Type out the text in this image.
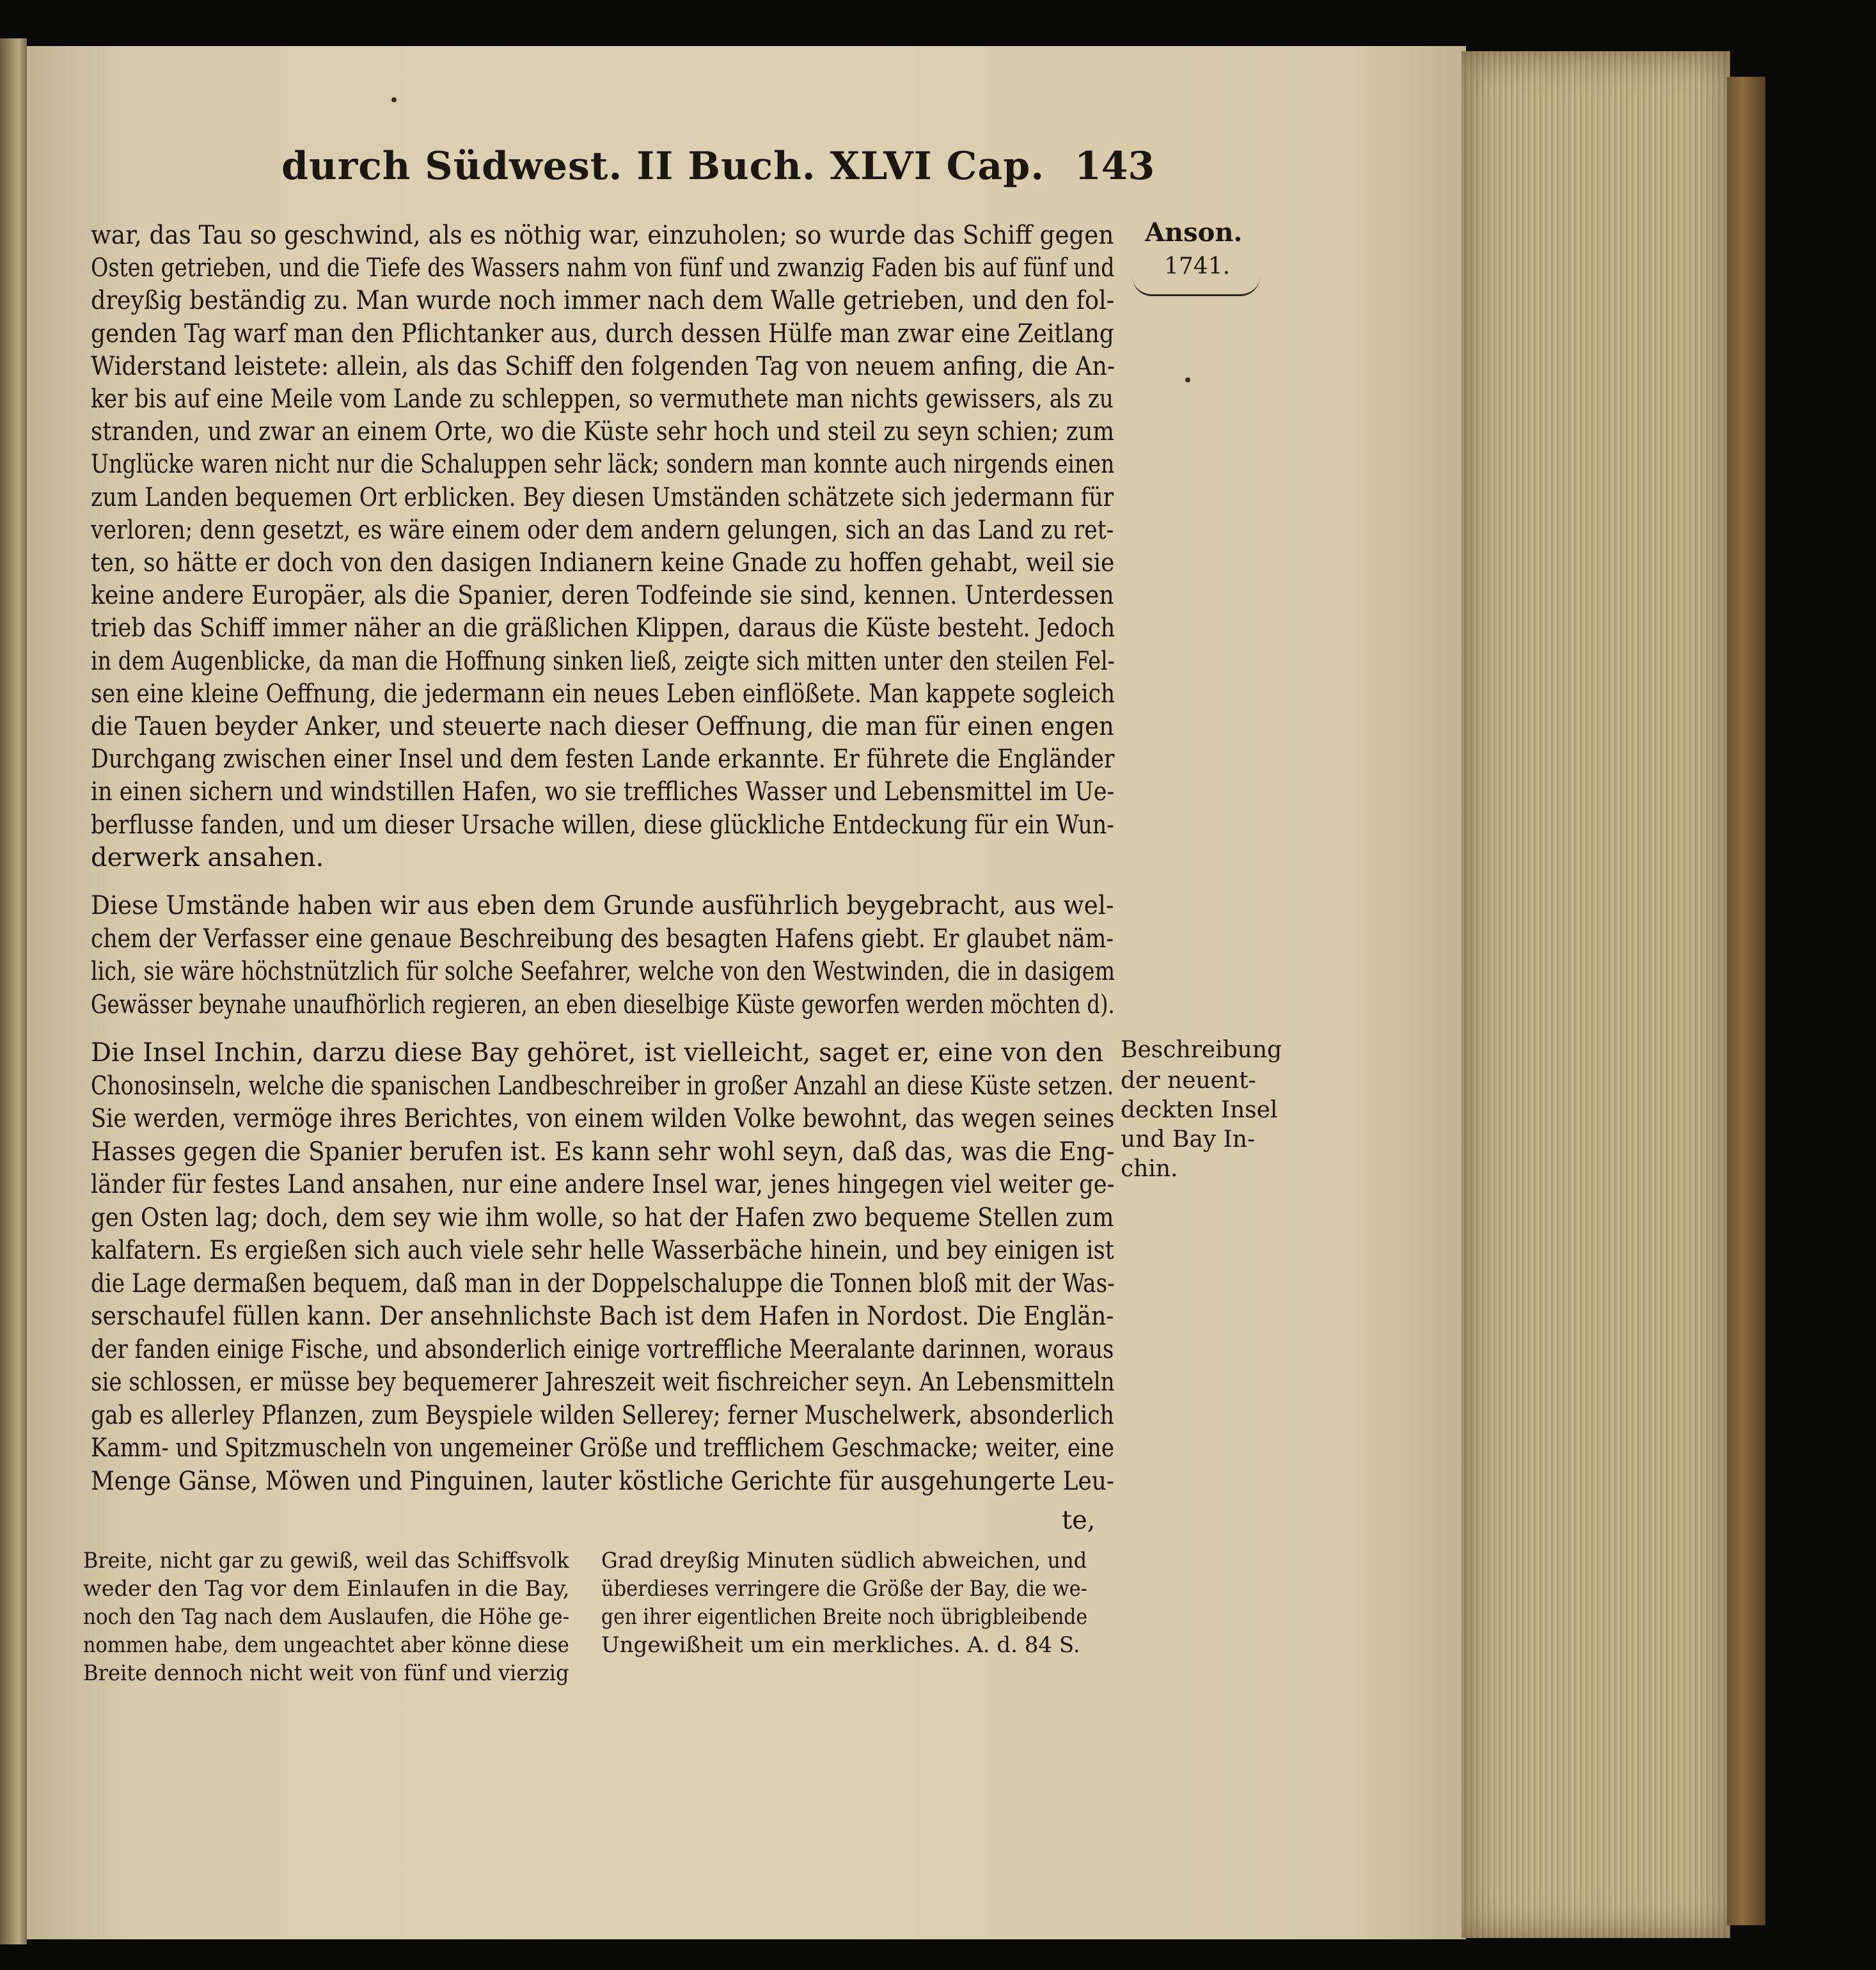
durch Südwest. II Buch. XLVI Cap. 143
war, das Tau so geschwind, als es nöthig war, einzuholen; so wurde das Schiff gegen
Osten getrieben, und die Tiefe des Wassers nahm von fünf und zwanzig Faden bis auf fünf und
dreyßig beständig zu. Man wurde noch immer nach dem Walle getrieben, und den fol-
genden Tag warf man den Pflichtanker aus, durch dessen Hülfe man zwar eine Zeitlang
Widerstand leistete: allein, als das Schiff den folgenden Tag von neuem anfing, die An-
ker bis auf eine Meile vom Lande zu schleppen, so vermuthete man nichts gewissers, als zu
stranden, und zwar an einem Orte, wo die Küste sehr hoch und steil zu seyn schien; zum
Unglücke waren nicht nur die Schaluppen sehr läck; sondern man konnte auch nirgends einen
zum Landen bequemen Ort erblicken. Bey diesen Umständen schätzete sich jedermann für
verloren; denn gesetzt, es wäre einem oder dem andern gelungen, sich an das Land zu ret-
ten, so hätte er doch von den dasigen Indianern keine Gnade zu hoffen gehabt, weil sie
keine andere Europäer, als die Spanier, deren Todfeinde sie sind, kennen. Unterdessen
trieb das Schiff immer näher an die gräßlichen Klippen, daraus die Küste besteht. Jedoch
in dem Augenblicke, da man die Hoffnung sinken ließ, zeigte sich mitten unter den steilen Fel-
sen eine kleine Oeffnung, die jedermann ein neues Leben einflößete. Man kappete sogleich
die Tauen beyder Anker, und steuerte nach dieser Oeffnung, die man für einen engen
Durchgang zwischen einer Insel und dem festen Lande erkannte. Er führete die Engländer
in einen sichern und windstillen Hafen, wo sie treffliches Wasser und Lebensmittel im Ue-
berflusse fanden, und um dieser Ursache willen, diese glückliche Entdeckung für ein Wun-
derwerk ansahen.
Diese Umstände haben wir aus eben dem Grunde ausführlich beygebracht, aus wel-
chem der Verfasser eine genaue Beschreibung des besagten Hafens giebt. Er glaubet näm-
lich, sie wäre höchstnützlich für solche Seefahrer, welche von den Westwinden, die in dasigem
Gewässer beynahe unaufhörlich regieren, an eben dieselbige Küste geworfen werden möchten d).
Die Insel Inchin, darzu diese Bay gehöret, ist vielleicht, saget er, eine von den
Chonosinseln, welche die spanischen Landbeschreiber in großer Anzahl an diese Küste setzen.
Sie werden, vermöge ihres Berichtes, von einem wilden Volke bewohnt, das wegen seines
Hasses gegen die Spanier berufen ist. Es kann sehr wohl seyn, daß das, was die Eng-
länder für festes Land ansahen, nur eine andere Insel war, jenes hingegen viel weiter ge-
gen Osten lag; doch, dem sey wie ihm wolle, so hat der Hafen zwo bequeme Stellen zum
kalfatern. Es ergießen sich auch viele sehr helle Wasserbäche hinein, und bey einigen ist
die Lage dermaßen bequem, daß man in der Doppelschaluppe die Tonnen bloß mit der Was-
serschaufel füllen kann. Der ansehnlichste Bach ist dem Hafen in Nordost. Die Englän-
der fanden einige Fische, und absonderlich einige vortreffliche Meeralante darinnen, woraus
sie schlossen, er müsse bey bequemerer Jahreszeit weit fischreicher seyn. An Lebensmitteln
gab es allerley Pflanzen, zum Beyspiele wilden Sellerey; ferner Muschelwerk, absonderlich
Kamm- und Spitzmuscheln von ungemeiner Größe und trefflichem Geschmacke; weiter, eine
Menge Gänse, Möwen und Pinguinen, lauter köstliche Gerichte für ausgehungerte Leu-
Anson.
1741.
Beschreibung
der neuent-
deckten Insel
und Bay In-
chin.
te,
Breite, nicht gar zu gewiß, weil das Schiffsvolk
weder den Tag vor dem Einlaufen in die Bay,
noch den Tag nach dem Auslaufen, die Höhe ge-
nommen habe, dem ungeachtet aber könne diese
Breite dennoch nicht weit von fünf und vierzig
Grad dreyßig Minuten südlich abweichen, und
überdieses verringere die Größe der Bay, die we-
gen ihrer eigentlichen Breite noch übrigbleibende
Ungewißheit um ein merkliches. A. d. 84 S.
